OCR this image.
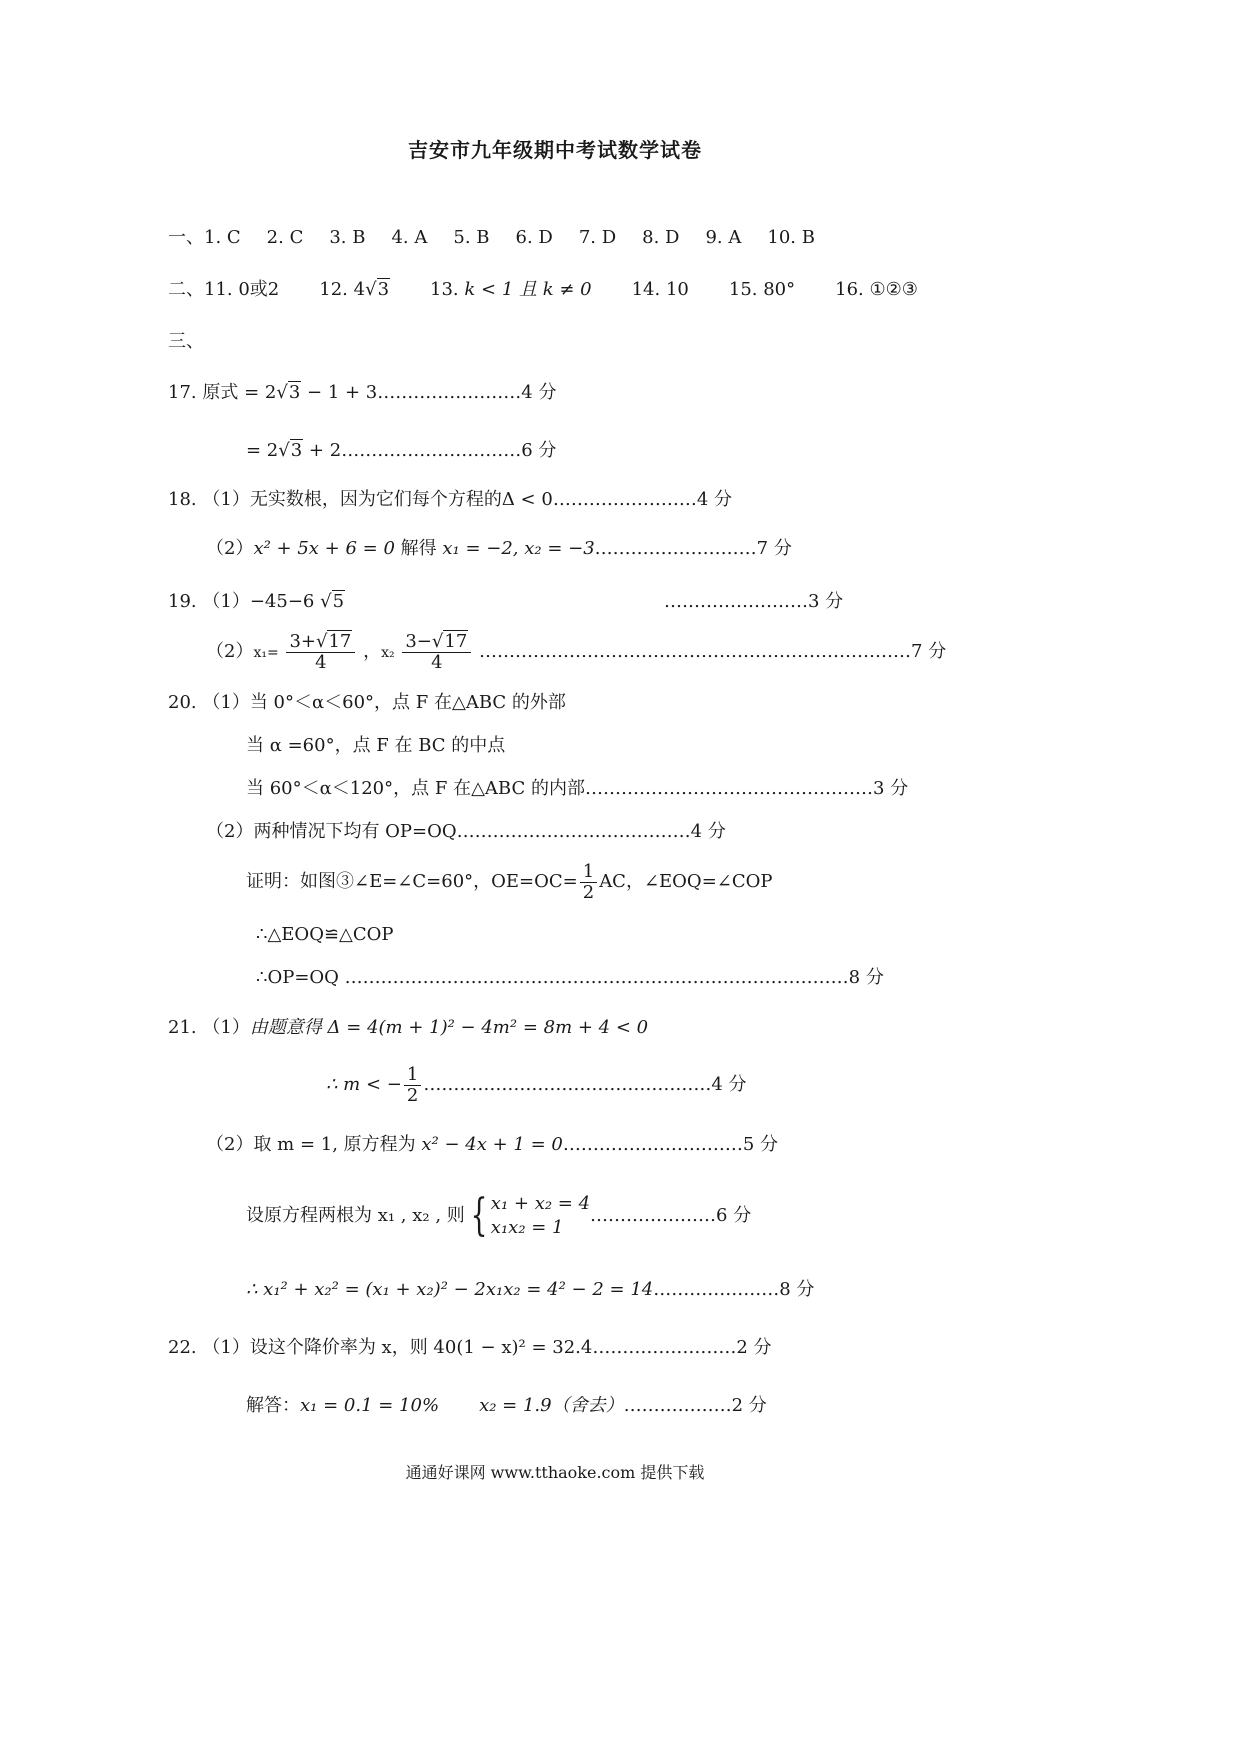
吉安市九年级期中考试数学试卷
一、1. C 2. C 3. B 4. A 5. B 6. D 7. D 8. D 9. A 10. B
二、11. 0或2 12. 4√3 13. k < 1 且 k ≠ 0 14. 10 15. 80° 16. ①②③
三、
17. 原式 = 2√3 − 1 + 3……………………4 分
= 2√3 + 2…………………………6 分
18. （1）无实数根，因为它们每个方程的Δ < 0……………………4 分
（2）x² + 5x + 6 = 0 解得 x₁ = −2, x₂ = −3………………………7 分
19. （1）−45−6 √5	……………………3 分
$(2)x_1= \frac{3+√17}{4}$ ，$x_2 \frac{3-√17}{4}$ ………………………………………………………………7 分
20. （1）当 0°＜α＜60°，点 F 在△ABC 的外部
当 α =60°，点 F 在 BC 的中点
当 60°＜α＜120°，点 F 在△ABC 的内部…………………………………………3 分
（2）两种情况下均有 OP=OQ…………………………………4 分
证明：如图③∠E=∠C=60°，$OE=OC= \frac{1}{2}$ AC，∠EOQ=∠COP
∴△EOQ≌△COP
∴OP=OQ …………………………………………………………………………8 分
21. （1）由题意得 Δ = 4(m + 1)² − 4m² = 8m + 4 < 0
∴ m < − $\frac{1}{2}$ …………………………………………4 分
（2）取 m = 1, 原方程为 x² − 4x + 1 = 0…………………………5 分
设原方程两根为 x₁ , x₂ , 则 { x₁ + x₂ = 4
x₁x₂ = 1
…………………6 分
∴ x₁² + x₂² = (x₁ + x₂)² − 2x₁x₂ = 4² − 2 = 14…………………8 分
22. （1）设这个降价率为 x，则 40(1 − x)² = 32.4……………………2 分
解答：x₁ = 0.1 = 10% x₂ = 1.9（舍去）………………2 分
通通好课网 www.tthaoke.com 提供下载
